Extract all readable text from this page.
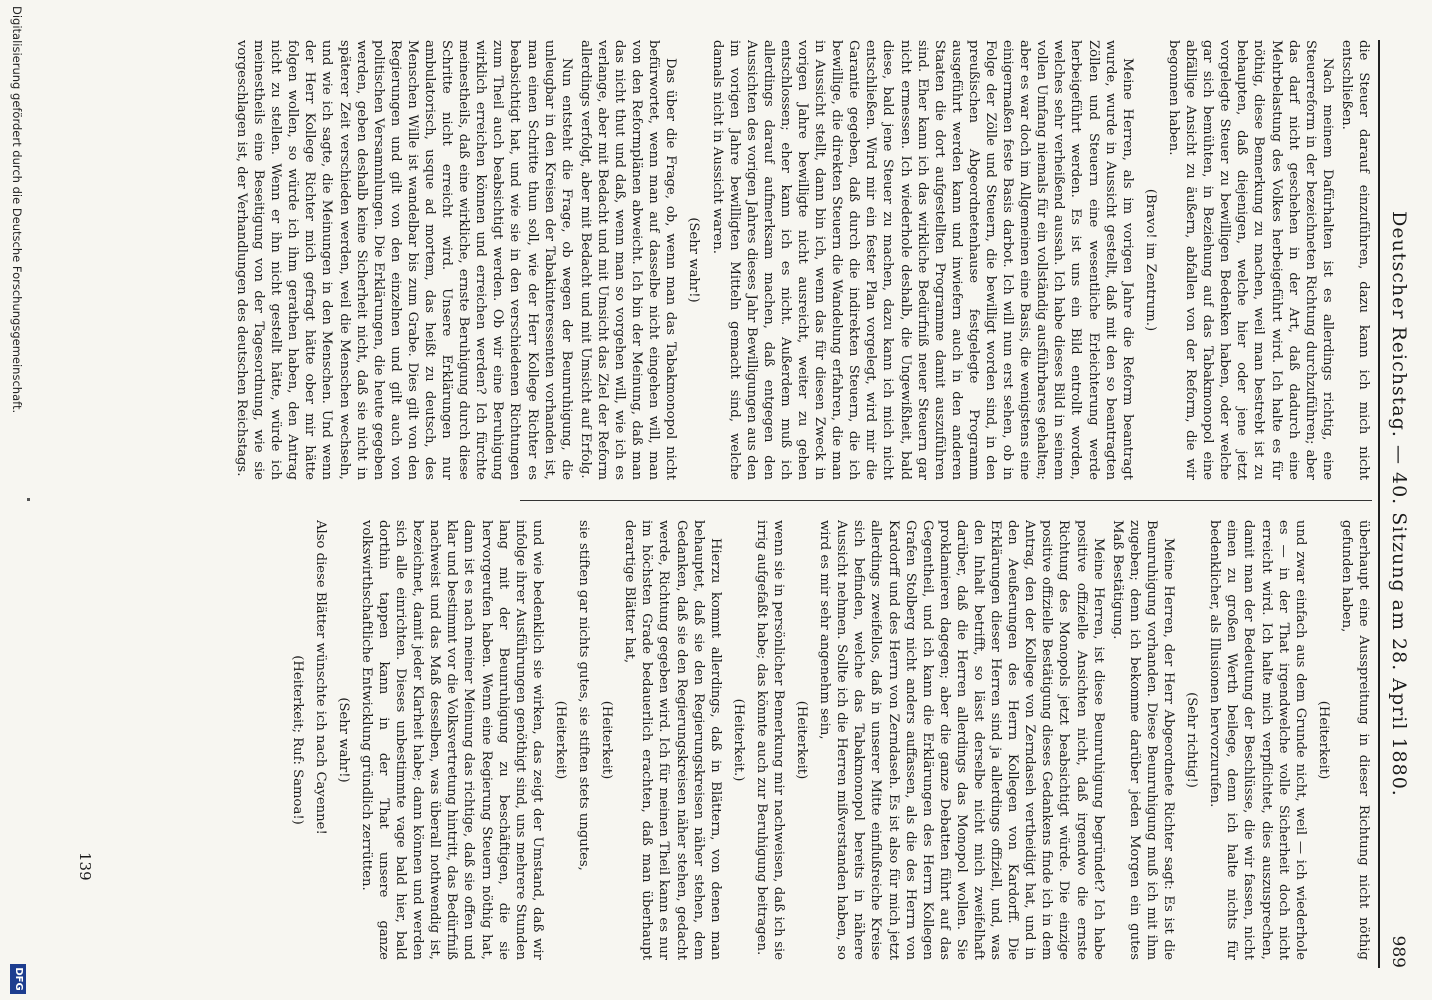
Deutscher Reichstag. — 40. Sitzung am 28. April 1880.
989

die Steuer darauf einzuführen, dazu kann ich mich nicht entschließen.

Nach meinem Dafürhalten ist es allerdings richtig, eine Steuerreform in der bezeichneten Richtung durchzuführen; aber das darf nicht geschehen in der Art, daß dadurch eine Mehrbelastung des Volkes herbeigeführt wird. Ich halte es für nöthig, diese Bemerkung zu machen, weil man bestrebt ist zu behaupten, daß diejenigen, welche hier oder jene jetzt vorgelegte Steuer zu bewilligen Bedenken haben, oder welche gar sich bemühten, in Beziehung auf das Tabakmonopol eine abfällige Ansicht zu äußern, abfallen von der Reform, die wir begonnen haben.

(Bravo! im Zentrum.)

Meine Herren, als im vorigen Jahre die Reform beantragt wurde, wurde in Aussicht gestellt, daß mit den so beantragten Zöllen und Steuern eine wesentliche Erleichterung werde herbeigeführt werden. Es ist uns ein Bild entrollt worden, welches sehr verheißend aussah. Ich habe dieses Bild in seinem vollen Umfang niemals für ein vollständig ausführbares gehalten; aber es war doch im Allgemeinen eine Basis, die wenigstens eine einigermaßen feste Basis darbot. Ich will nun erst sehen, ob in Folge der Zölle und Steuern, die bewilligt worden sind, in den preußischen Abgeordnetenhause festgelegte Programm ausgeführt werden kann und inwiefern auch in den anderen Staaten die dort aufgestellten Programme damit auszuführen sind. Eher kann ich das wirkliche Bedürfniß neuer Steuern gar nicht ermessen. Ich wiederhole deshalb, die Ungewißheit, bald diese, bald jene Steuer zu machen, dazu kann ich mich nicht entschließen. Wird mir ein fester Plan vorgelegt, wird mir die Garantie gegeben, daß durch die indirekten Steuern, die ich bewillige, die direkten Steuern die Wandelung erfahren, die man in Aussicht stellt, dann bin ich, wenn das für diesen Zweck in vorigen Jahre bewilligte nicht ausreicht, weiter zu gehen entschlossen; eher kann ich es nicht. Außerdem muß ich allerdings darauf aufmerksam machen, daß entgegen den Aussichten des vorigen Jahres dieses Jahr Bewilligungen aus den im vorigen Jahre bewilligten Mitteln gemacht sind, welche damals nicht in Aussicht waren.

(Sehr wahr!)

Das über die Frage, ob, wenn man das Tabakmonopol nicht befürwortet, wenn man auf dasselbe nicht eingehen will, man von den Reformplänen abweicht. Ich bin der Meinung, daß man das nicht thut und daß, wenn man so vorgehen will, wie ich es verlange, aber mit Bedacht und mit Umsicht das Ziel der Reform allerdings verfolgt, aber mit Bedacht und mit Umsicht auf Erfolg.

Nun entsteht die Frage, ob wegen der Beunruhigung, die unleugbar in den Kreisen der Tabakinteressenten vorhanden ist, man einen Schritte thun soll, wie der Herr Kollege Richter es beabsichtigt hat, und wie sie in den verschiedenen Richtungen zum Theil auch beabsichtigt werden. Ob wir eine Beruhigung wirklich erreichen können und erreichen werden? Ich fürchte meinestheils, daß eine wirkliche, ernste Beruhigung durch diese Schritte nicht erreicht wird. Unsere Erklärungen nur ambulatorisch, usque ad mortem, das heißt zu deutsch, des Menschen Wille ist wandelbar bis zum Grabe. Dies gilt von den Regierungen und gilt von den einzelnen und gilt auch von politischen Versammlungen. Die Erklärungen, die heute gegeben werden, geben deshalb keine Sicherheit nicht, daß sie nicht in späterer Zeit verschieden werden, weil die Menschen wechseln, und wie ich sagte, die Meinungen in den Menschen. Und wenn der Herr Kollege Richter mich gefragt hätte ober mir hätte folgen wollen, so würde ich ihm gerathen haben, den Antrag nicht zu stellen. Wenn er ihn nicht gestellt hätte, würde ich meinestheils eine Beseitigung von der Tagesordnung, wie sie vorgeschlagen ist, der Verhandlungen des deutschen Reichstags.

überhaupt eine Ausspreitung in dieser Richtung nicht nöthig gefunden haben,

(Heiterkeit)

und zwar einfach aus dem Grunde nicht, weil — ich wiederhole es — in der That irgendwelche volle Sicherheit doch nicht erreicht wird. Ich halte mich verpflichtet, dies auszusprechen, damit man der Bedeutung der Beschlüsse, die wir fassen, nicht einen zu großen Werth beilege, denn ich halte nichts für bedenklicher, als Illusionen hervorzurufen.

(Sehr richtig!)

Meine Herren, der Herr Abgeordnete Richter sagt: Es ist die Beunruhigung vorhanden. Diese Beunruhigung muß ich mit ihm zugeben; denn ich bekomme darüber jeden Morgen ein gutes Maß Bestätigung.

Meine Herren, ist diese Beunruhigung begründet? Ich habe positive offizielle Ansichten nicht, daß irgendwo die ernste Richtung des Monopols jetzt beabsichtigt würde. Die einzige positive offizielle Bestätigung dieses Gedankens finde ich in dem Antrag, den der Kollege von Zerndaseh vertheidigt hat, und in den Aeußerungen des Herrn Kollegen von Kardorff. Die Erklärungen dieser Herren sind ja allerdings offiziell, und, was den Inhalt betrifft, so lässt derselbe nicht mich zweifelhaft darüber, daß die Herren allerdings das Monopol wollen. Sie proklamieren dagegen; aber die ganze Debatten führt auf das Gegentheil, und ich kann die Erklärungen des Herrn Kollegen Grafen Stolberg nicht anders auffassen, als die des Herrn von Kardorff und des Herrn von Zerndaseh. Es ist also für mich jetzt allerdings zweifellos, daß in unserer Mitte einflußreiche Kreise sich befinden, welche das Tabakmonopol bereits in nähere Aussicht nehmen. Sollte ich die Herren mißverstanden haben, so wird es mir sehr angenehm sein,

(Heiterkeit)

wenn sie in persönlicher Bemerkung mir nachweisen, daß ich sie irrig aufgefaßt habe; das könnte auch zur Beruhigung beitragen.

(Heiterkeit.)

Hierzu kommt allerdings, daß in Blättern, von denen man behauptet, daß sie den Regierungskreisen näher stehen, dem Gedanken, daß sie den Regierungskreisen näher stehen, gedacht werde, Richtung gegeben wird. Ich für meinen Theil kann es nur im höchsten Grade bedauerlich erachten, daß man überhaupt derartige Blätter hat,

(Heiterkeit)

sie stiften gar nichts gutes, sie stiften stets ungutes,

(Heiterkeit)

und wie bedenklich sie wirken, das zeigt der Umstand, daß wir infolge ihrer Ausführungen genöthigt sind, uns mehrere Stunden lang mit der Beunruhigung zu beschäftigen, die sie hervorgerufen haben. Wenn eine Regierung Steuern nöthig hat, dann ist es nach meiner Meinung das richtige, daß sie offen und klar und bestimmt vor die Volksvertretung hintritt, das Bedürfniß nachweist und das Maß desselben, was überall nothwendig ist, bezeichnet, damit jeder Klarheit habe; dann können und werden sich alle einrichten. Dieses unbestimmte vage bald hier, bald dorthin tappen kann in der That unsere ganze volkswirthschaftliche Entwicklung gründlich zerrütten.

(Sehr wahr!)

Also diese Blätter wünschte ich nach Cayenne!

(Heiterkeit; Ruf: Samoa!)

139
Digitalisierung gefördert durch die Deutsche Forschungsgemeinschaft.
DFG
